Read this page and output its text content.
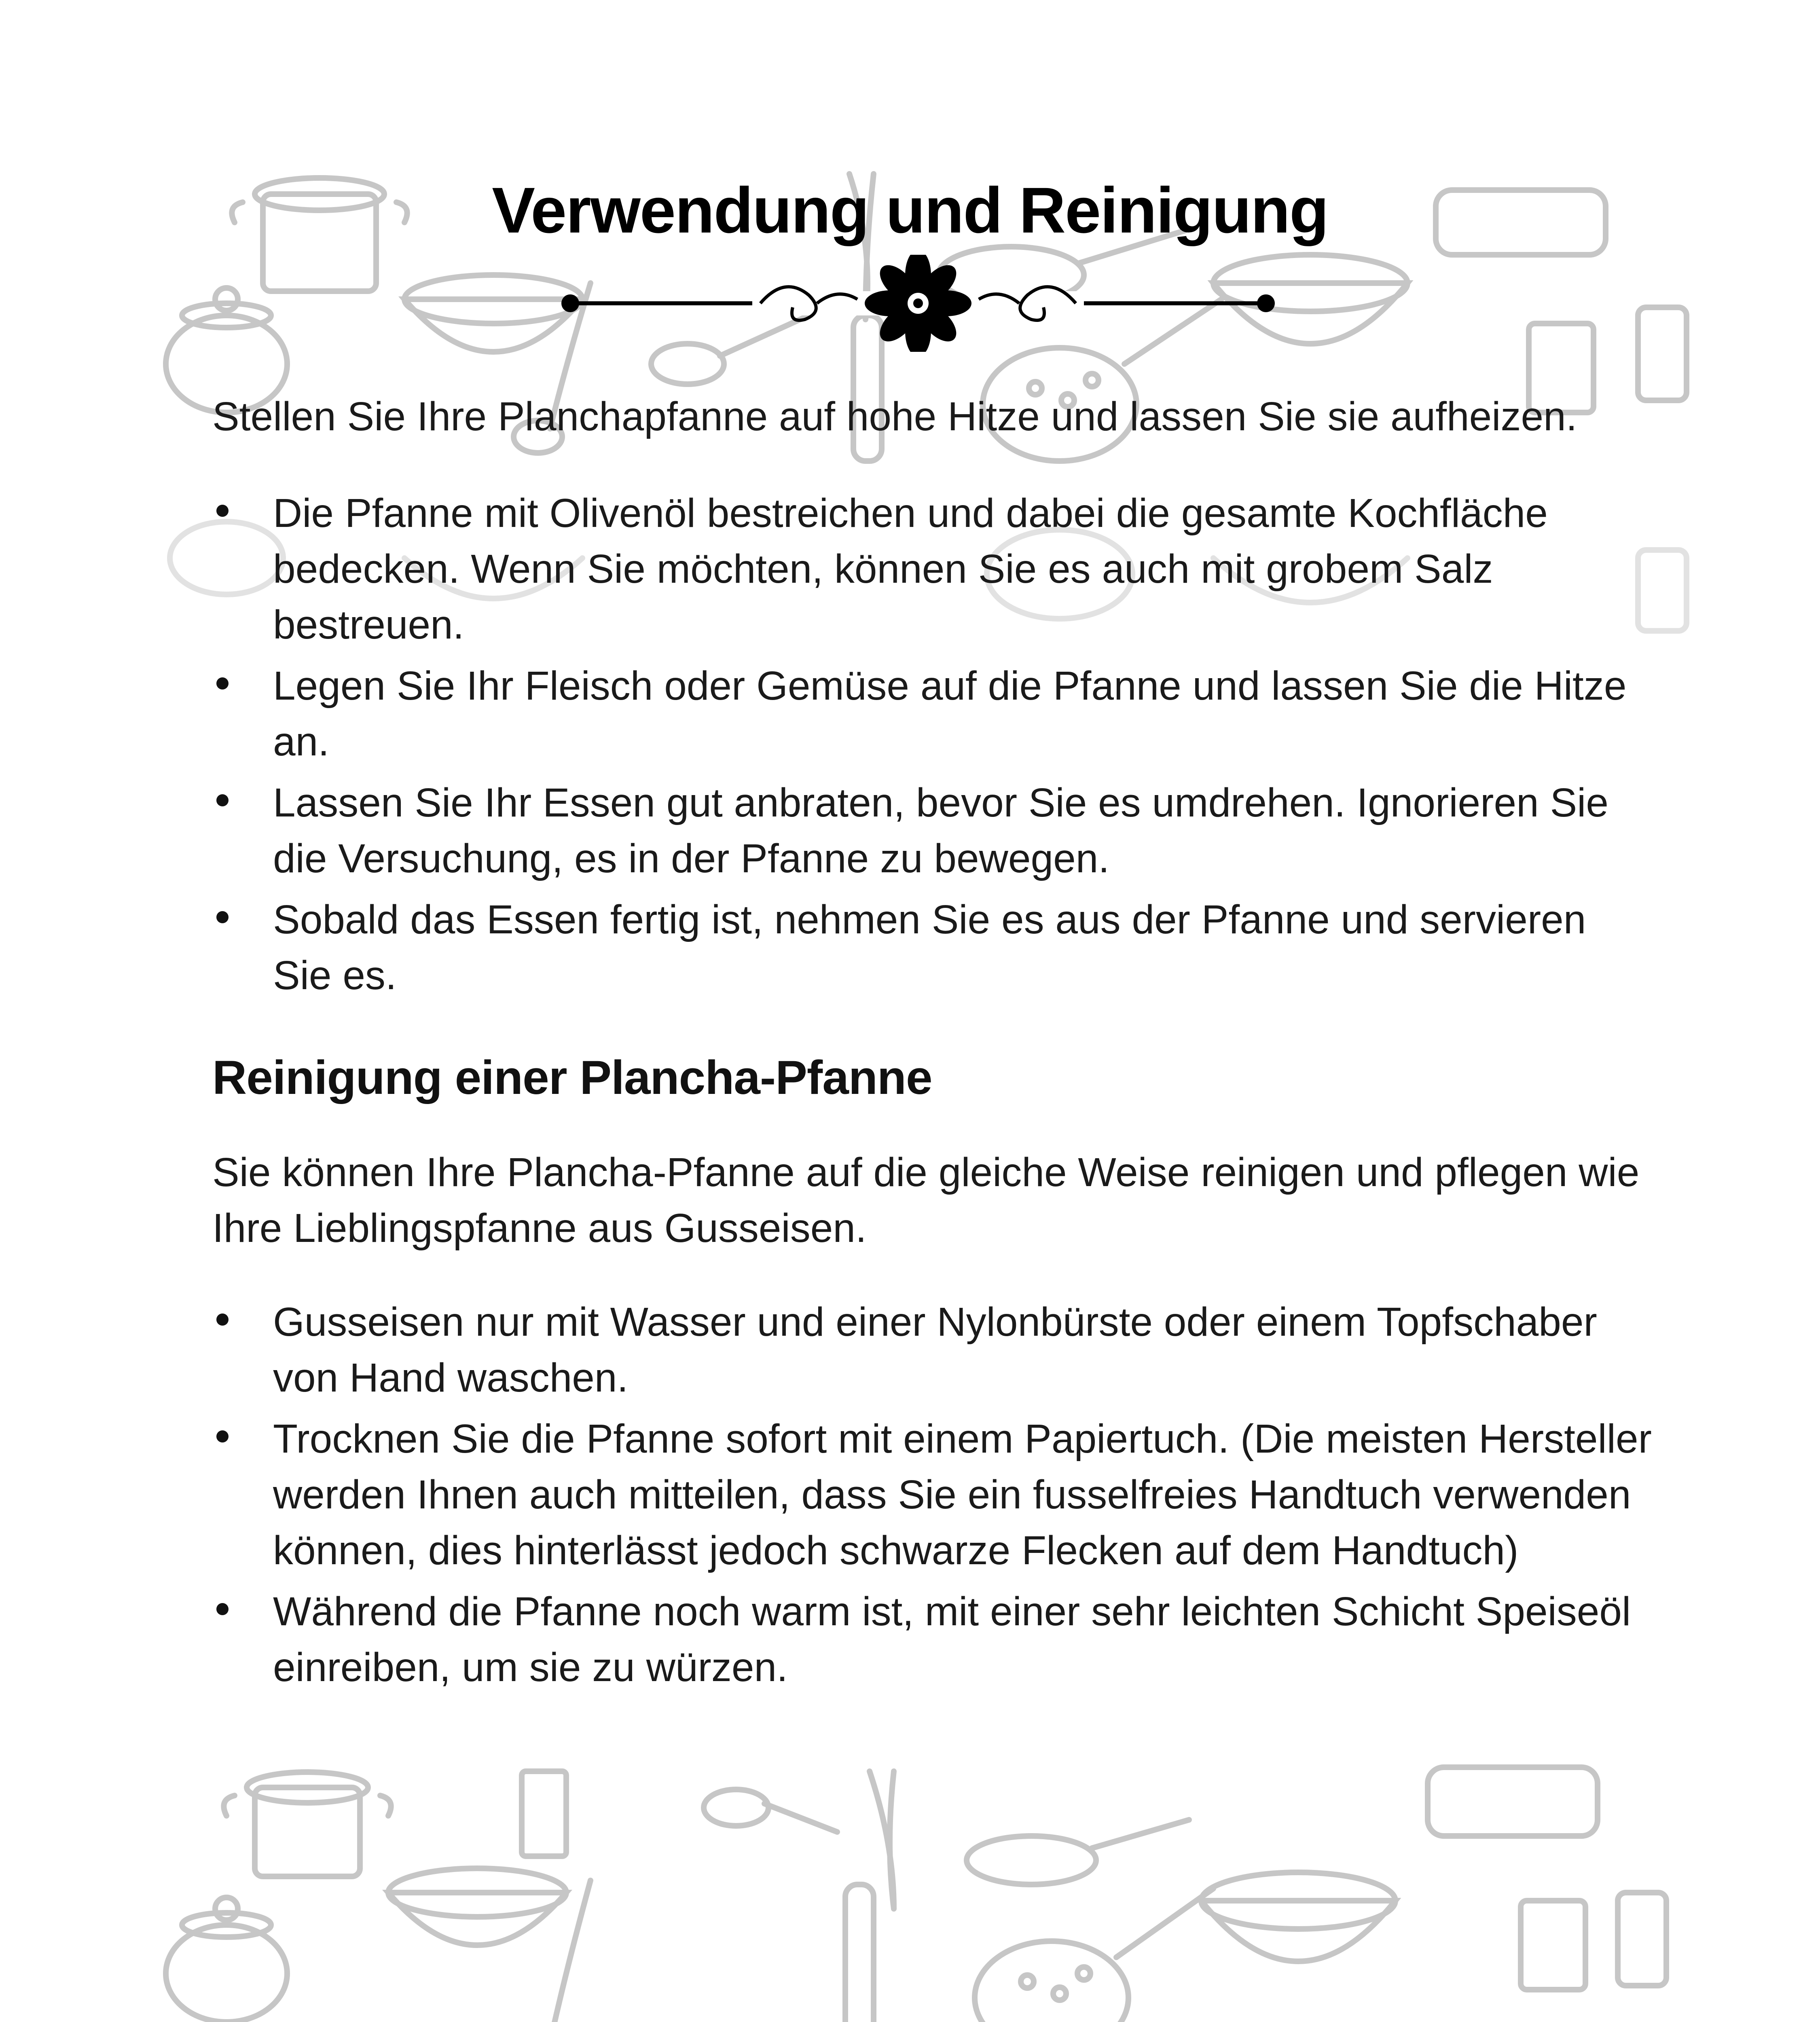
Verwendung und Reinigung

Stellen Sie Ihre Planchapfanne auf hohe Hitze und lassen Sie sie aufheizen.

Die Pfanne mit Olivenöl bestreichen und dabei die gesamte Kochfläche bedecken. Wenn Sie möchten, können Sie es auch mit grobem Salz bestreuen.
Legen Sie Ihr Fleisch oder Gemüse auf die Pfanne und lassen Sie die Hitze an.
Lassen Sie Ihr Essen gut anbraten, bevor Sie es umdrehen. Ignorieren Sie die Versuchung, es in der Pfanne zu bewegen.
Sobald das Essen fertig ist, nehmen Sie es aus der Pfanne und servieren Sie es.
Reinigung einer Plancha-Pfanne

Sie können Ihre Plancha-Pfanne auf die gleiche Weise reinigen und pflegen wie Ihre Lieblingspfanne aus Gusseisen.

Gusseisen nur mit Wasser und einer Nylonbürste oder einem Topfschaber von Hand waschen.
Trocknen Sie die Pfanne sofort mit einem Papiertuch. (Die meisten Hersteller werden Ihnen auch mitteilen, dass Sie ein fusselfreies Handtuch verwenden können, dies hinterlässt jedoch schwarze Flecken auf dem Handtuch)
Während die Pfanne noch warm ist, mit einer sehr leichten Schicht Speiseöl einreiben, um sie zu würzen.
